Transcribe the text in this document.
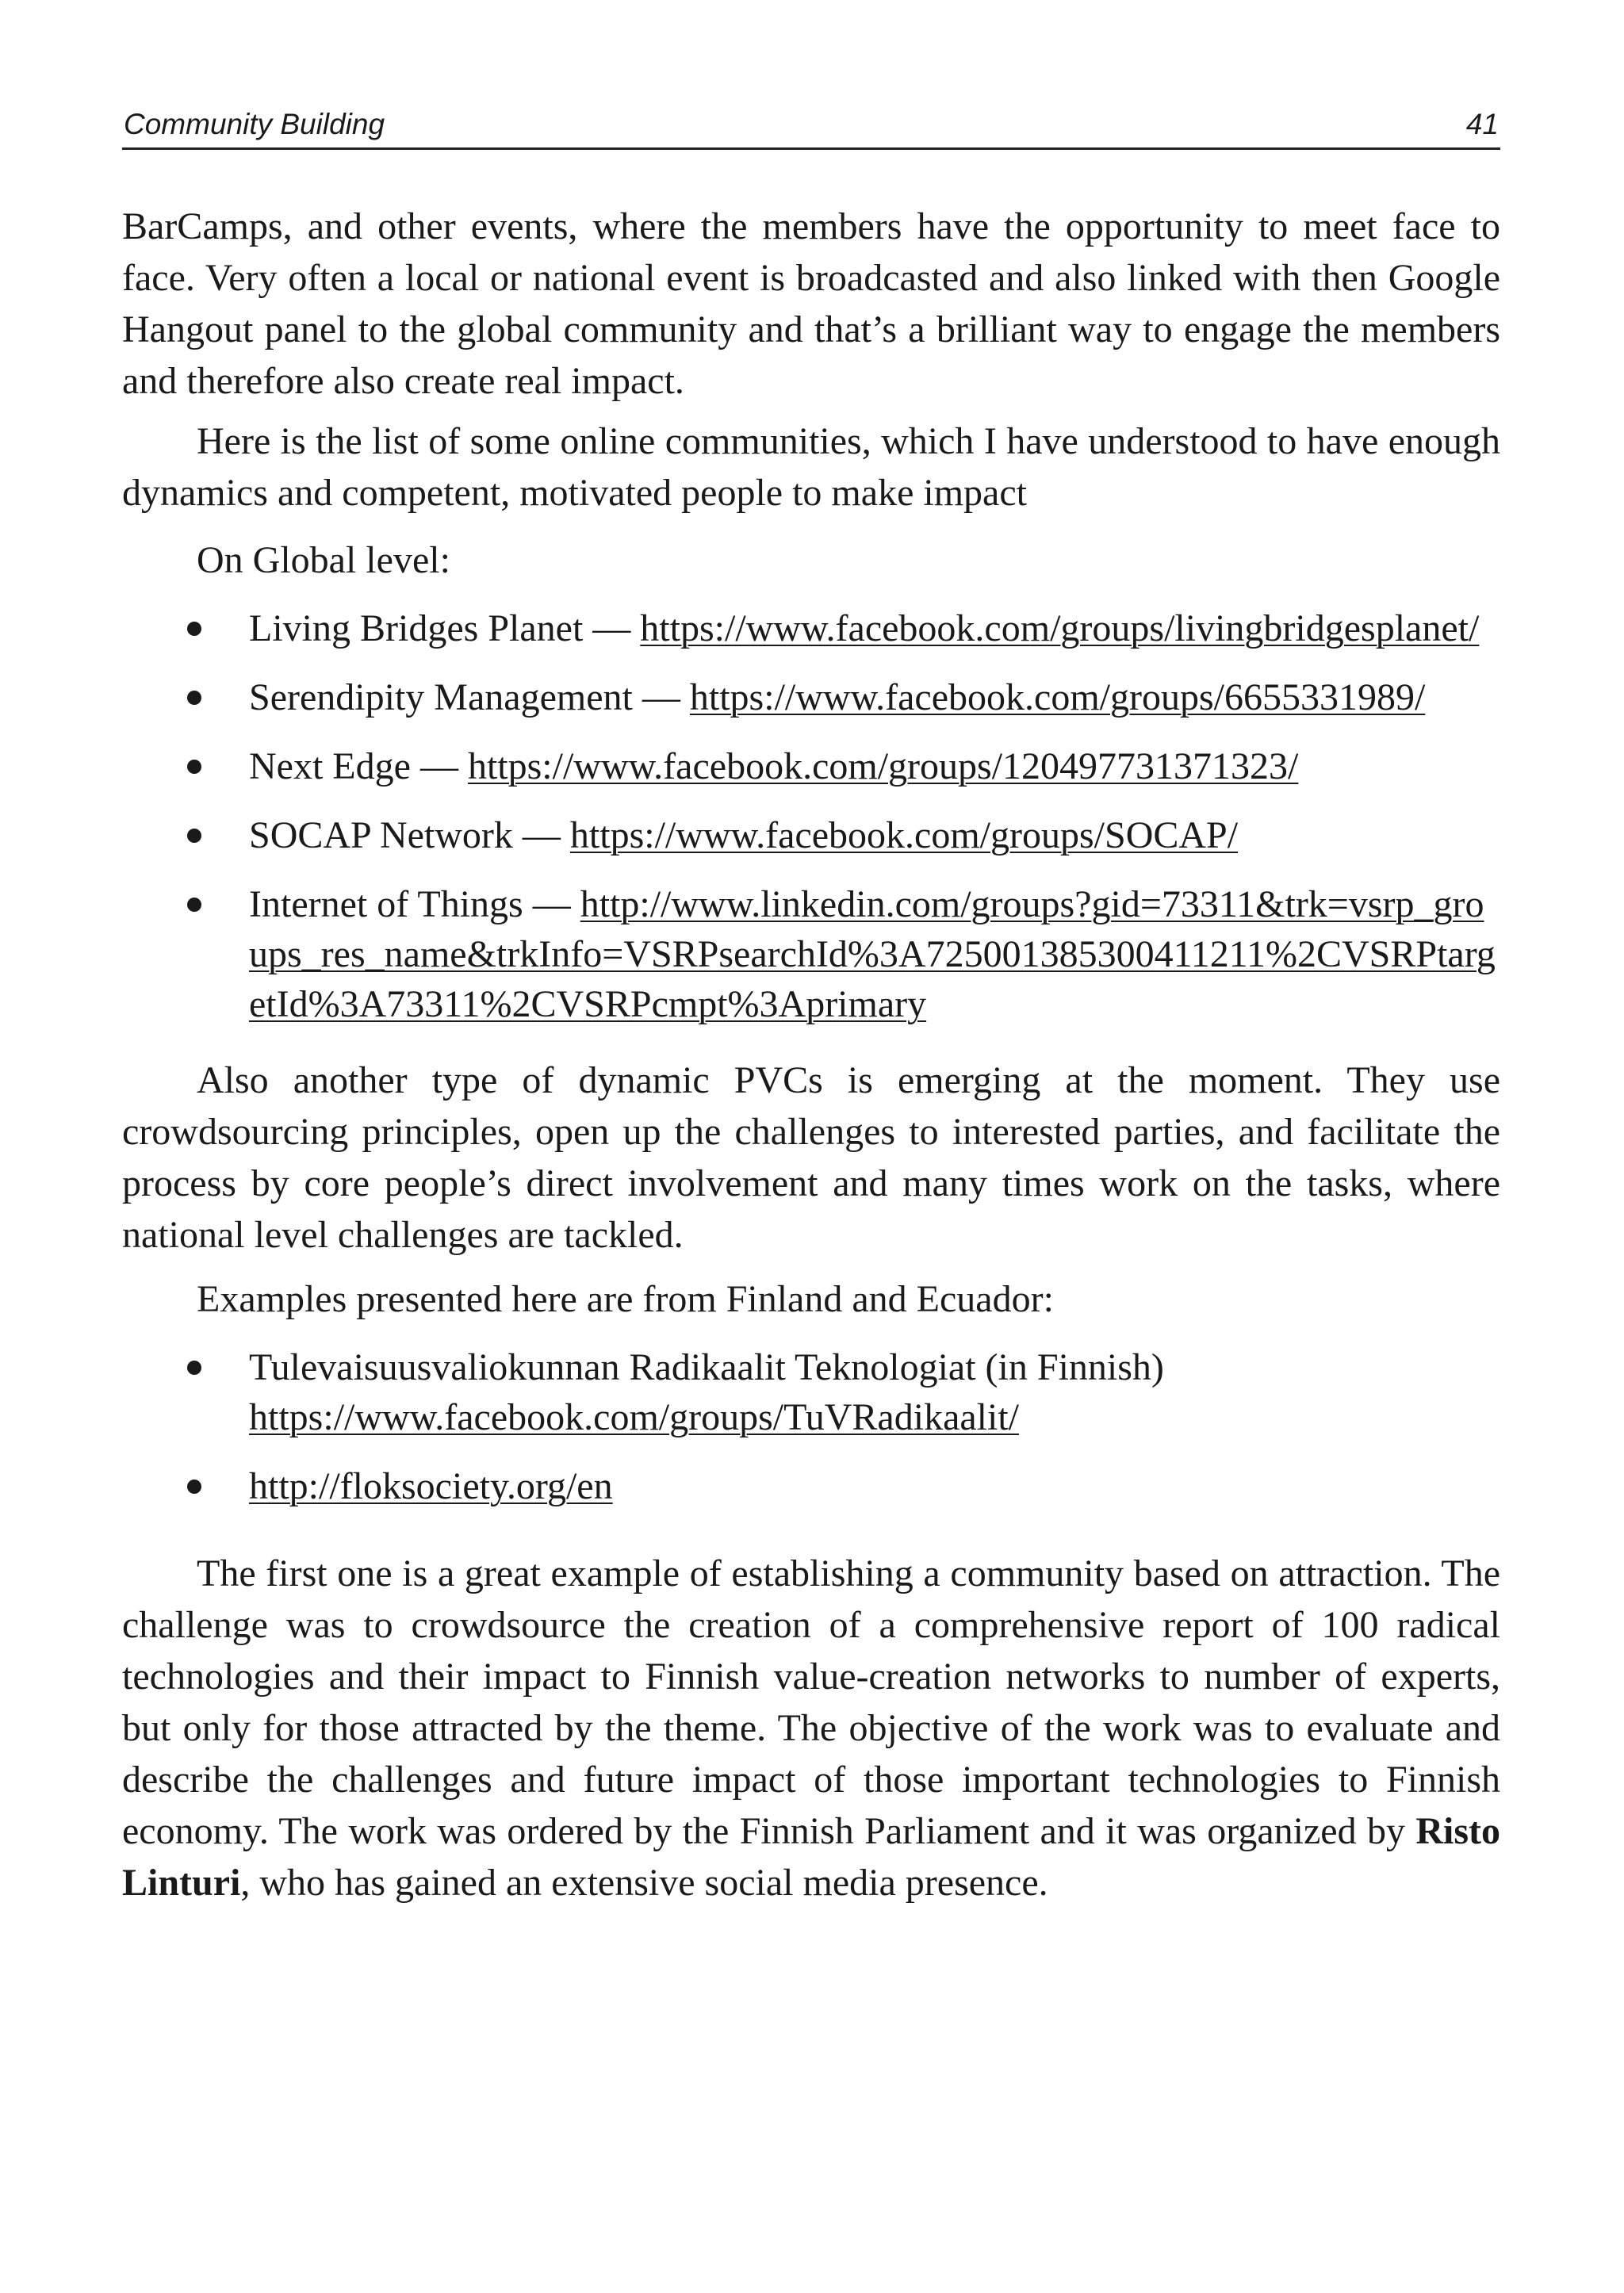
Community Building	41

BarCamps, and other events, where the members have the opportunity to meet face to face. Very often a local or national event is broadcasted and also linked with then Google Hangout panel to the global community and that’s a brilliant way to engage the members and therefore also create real impact.

Here is the list of some online communities, which I have understood to have enough dynamics and competent, motivated people to make impact

On Global level:

Living Bridges Planet — https://www.facebook.com/groups/livingbridgesplanet/
Serendipity Management — https://www.facebook.com/groups/6655331989/
Next Edge — https://www.facebook.com/groups/120497731371323/
SOCAP Network — https://www.facebook.com/groups/SOCAP/
Internet of Things — http://www.linkedin.com/groups?gid=73311&trk=vsrp_groups_res_name&trkInfo=VSRPsearchId%3A725001385300411211%2CVSRPtargetId%3A73311%2CVSRPcmpt%3Aprimary

Also another type of dynamic PVCs is emerging at the moment. They use crowdsourcing principles, open up the challenges to interested parties, and facilitate the process by core people’s direct involvement and many times work on the tasks, where national level challenges are tackled.

Examples presented here are from Finland and Ecuador:

Tulevaisuusvaliokunnan Radikaalit Teknologiat (in Finnish)
https://www.facebook.com/groups/TuVRadikaalit/
http://floksociety.org/en

The first one is a great example of establishing a community based on attraction. The challenge was to crowdsource the creation of a comprehensive report of 100 radical technologies and their impact to Finnish value-creation networks to number of experts, but only for those attracted by the theme. The objective of the work was to evaluate and describe the challenges and future impact of those important technologies to Finnish economy. The work was ordered by the Finnish Parliament and it was organized by Risto Linturi, who has gained an extensive social media presence.
